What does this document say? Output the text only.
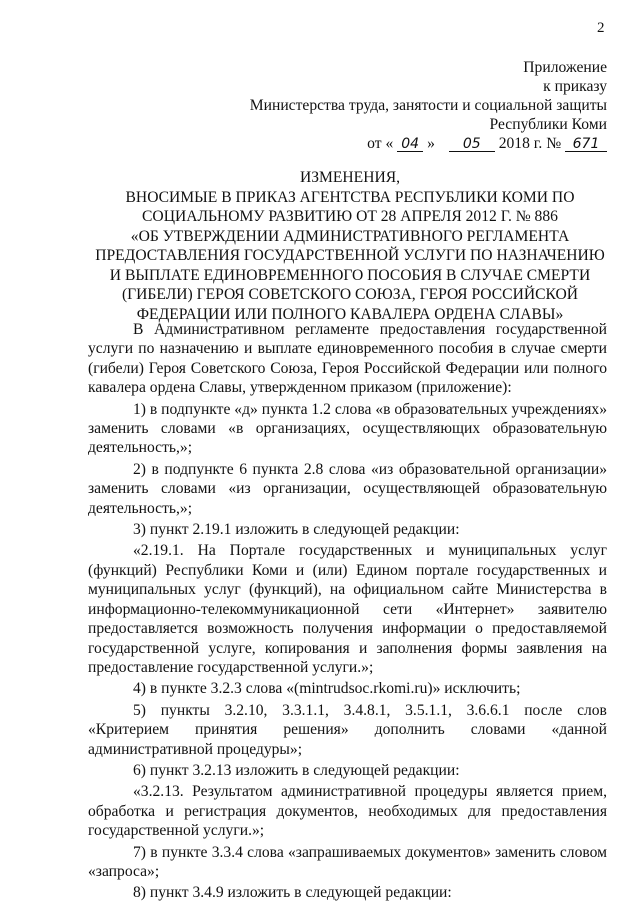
2
Приложение
к приказу
Министерства труда, занятости и социальной защиты
Республики Коми
от « 04 » 05 2018 г. № 671
ИЗМЕНЕНИЯ,
ВНОСИМЫЕ В ПРИКАЗ АГЕНТСТВА РЕСПУБЛИКИ КОМИ ПО
СОЦИАЛЬНОМУ РАЗВИТИЮ ОТ 28 АПРЕЛЯ 2012 Г. № 886
«ОБ УТВЕРЖДЕНИИ АДМИНИСТРАТИВНОГО РЕГЛАМЕНТА
ПРЕДОСТАВЛЕНИЯ ГОСУДАРСТВЕННОЙ УСЛУГИ ПО НАЗНАЧЕНИЮ
И ВЫПЛАТЕ ЕДИНОВРЕМЕННОГО ПОСОБИЯ В СЛУЧАЕ СМЕРТИ
(ГИБЕЛИ) ГЕРОЯ СОВЕТСКОГО СОЮЗА, ГЕРОЯ РОССИЙСКОЙ
ФЕДЕРАЦИИ ИЛИ ПОЛНОГО КАВАЛЕРА ОРДЕНА СЛАВЫ»

В Административном регламенте предоставления государственной услуги по назначению и выплате единовременного пособия в случае смерти (гибели) Героя Советского Союза, Героя Российской Федерации или полного кавалера ордена Славы, утвержденном приказом (приложение):

1) в подпункте «д» пункта 1.2 слова «в образовательных учреждениях» заменить словами «в организациях, осуществляющих образовательную деятельность,»;

2) в подпункте 6 пункта 2.8 слова «из образовательной организации» заменить словами «из организации, осуществляющей образовательную деятельность,»;

3) пункт 2.19.1 изложить в следующей редакции:

«2.19.1. На Портале государственных и муниципальных услуг (функций) Республики Коми и (или) Едином портале государственных и муниципальных услуг (функций), на официальном сайте Министерства в информационно-телекоммуникационной сети «Интернет» заявителю предоставляется возможность получения информации о предоставляемой государственной услуге, копирования и заполнения формы заявления на предоставление государственной услуги.»;

4) в пункте 3.2.3 слова «(mintrudsoc.rkomi.ru)» исключить;

5) пункты 3.2.10, 3.3.1.1, 3.4.8.1, 3.5.1.1, 3.6.6.1 после слов

«Критерием принятия решения» дополнить словами «данной административной процедуры»;

6) пункт 3.2.13 изложить в следующей редакции:

«3.2.13. Результатом административной процедуры является прием, обработка и регистрация документов, необходимых для предоставления государственной услуги.»;

7) в пункте 3.3.4 слова «запрашиваемых документов» заменить словом «запроса»;

8) пункт 3.4.9 изложить в следующей редакции:
